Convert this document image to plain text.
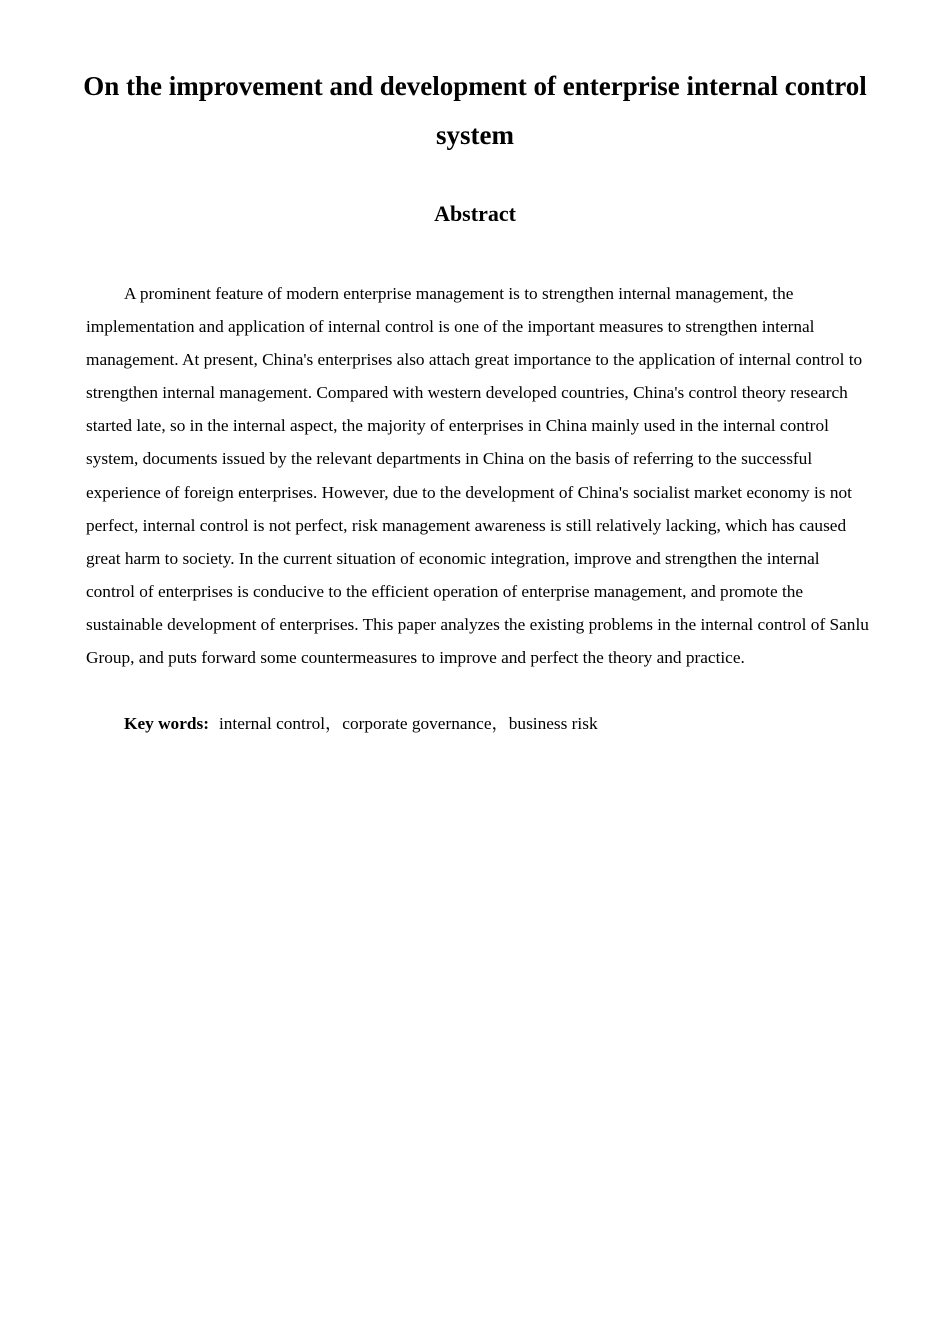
On the improvement and development of enterprise internal control system
Abstract

A prominent feature of modern enterprise management is to strengthen internal management, the implementation and application of internal control is one of the important measures to strengthen internal management. At present, China's enterprises also attach great importance to the application of internal control to strengthen internal management. Compared with western developed countries, China's control theory research started late, so in the internal aspect, the majority of enterprises in China mainly used in the internal control system, documents issued by the relevant departments in China on the basis of referring to the successful experience of foreign enterprises. However, due to the development of China's socialist market economy is not perfect, internal control is not perfect, risk management awareness is still relatively lacking, which has caused great harm to society. In the current situation of economic integration, improve and strengthen the internal control of enterprises is conducive to the efficient operation of enterprise management, and promote the sustainable development of enterprises. This paper analyzes the existing problems in the internal control of Sanlu Group, and puts forward some countermeasures to improve and perfect the theory and practice.

Key words: internal control，corporate governance，business risk
